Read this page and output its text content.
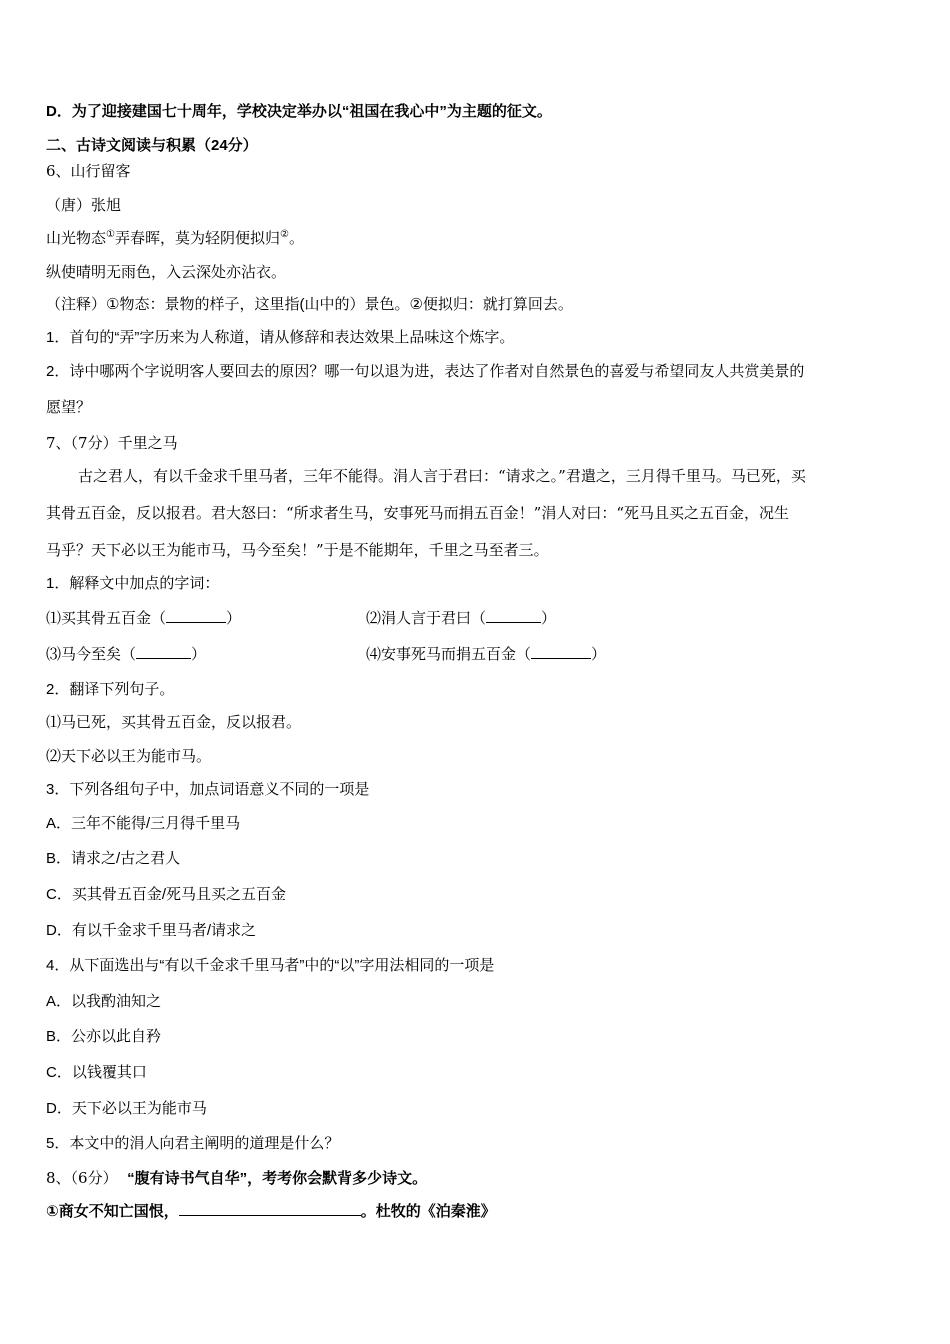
D．为了迎接建国七十周年，学校决定举办以“祖国在我心中”为主题的征文。
二、古诗文阅读与积累（24分）
6、山行留客
（唐）张旭
山光物态①弄春晖，莫为轻阴便拟归②。
纵使晴明无雨色，入云深处亦沾衣。
（注释）①物态：景物的样子，这里指(山中的）景色。②便拟归：就打算回去。
1．首句的“弄”字历来为人称道，请从修辞和表达效果上品味这个炼字。
2．诗中哪两个字说明客人要回去的原因？哪一句以退为进，表达了作者对自然景色的喜爱与希望同友人共赏美景的
愿望？
7、（7分）千里之马
古之君人，有以千金求千里马者，三年不能得。涓人言于君曰：“请求之。”君遣之，三月得千里马。马已死，买
其骨五百金，反以报君。君大怒曰：“所求者生马，安事死马而捐五百金！”涓人对曰：“死马且买之五百金，况生
马乎？天下必以王为能市马，马今至矣！”于是不能期年，千里之马至者三。
1．解释文中加点的字词：
⑴买其骨五百金（	）	⑵涓人言于君曰（	）
⑶马今至矣（	）	⑷安事死马而捐五百金（	）
2．翻译下列句子。
⑴马已死，买其骨五百金，反以报君。
⑵天下必以王为能市马。
3．下列各组句子中，加点词语意义不同的一项是
A．三年不能得/三月得千里马
B．请求之/古之君人
C．买其骨五百金/死马且买之五百金
D．有以千金求千里马者/请求之
4．从下面选出与“有以千金求千里马者”中的“以”字用法相同的一项是
A．以我酌油知之
B．公亦以此自矜
C．以钱覆其口
D．天下必以王为能市马
5．本文中的涓人向君主阐明的道理是什么？
8、（6分） “腹有诗书气自华”，考考你会默背多少诗文。
①商女不知亡国恨，	。杜牧的《泊秦淮》
